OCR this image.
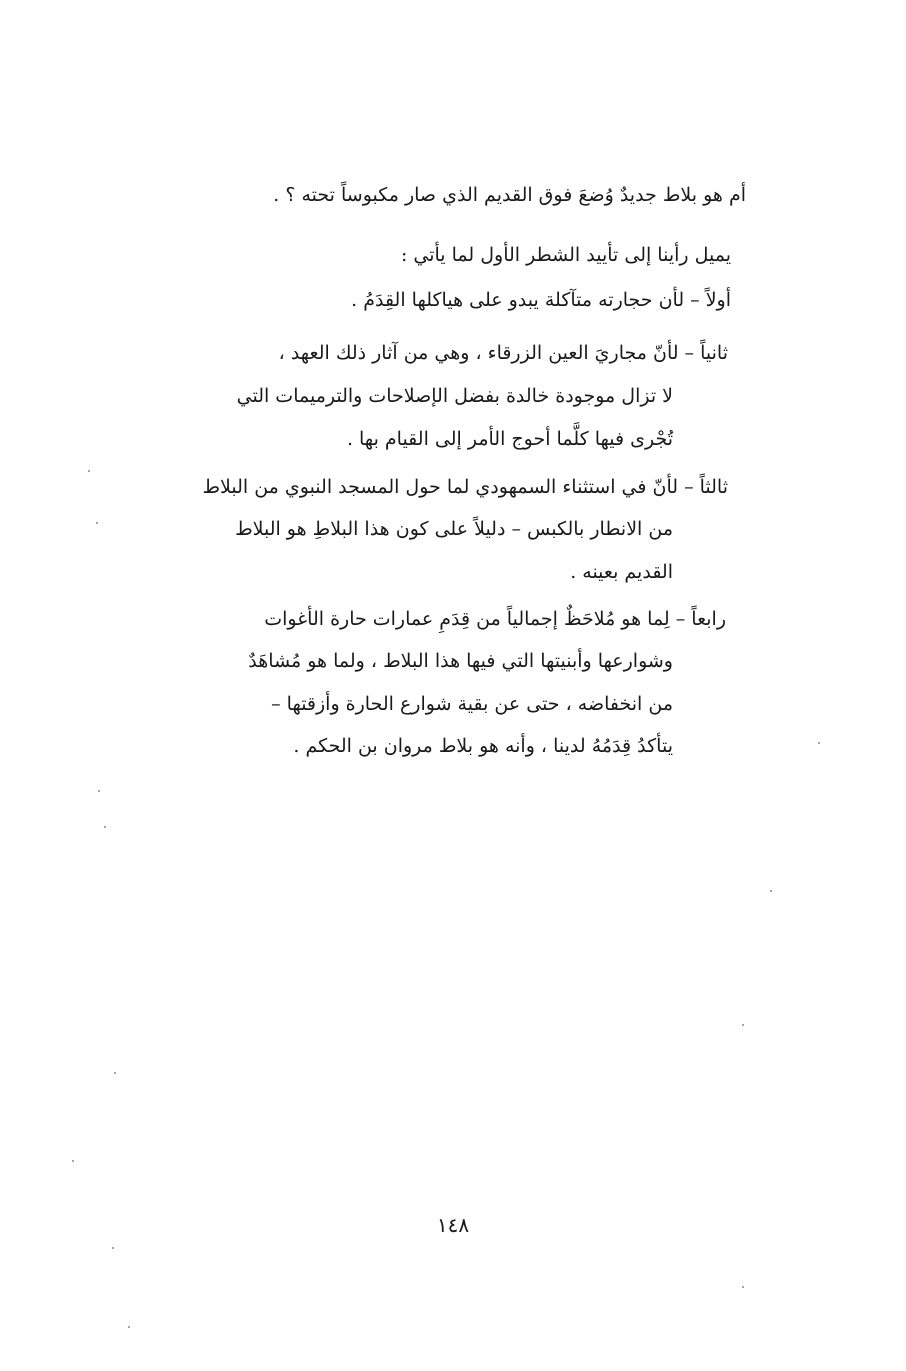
أم هو بلاط جديدٌ وُضعَ فوق القديم الذي صار مكبوساً تحته ؟ .
يميل رأينا إلى تأييد الشطر الأول لما يأتي :
أولاً – لأن حجارته متآكلة يبدو على هياكلها القِدَمُ .
ثانياً – لأنّ مجاريَ العين الزرقاء ، وهي من آثار ذلك العهد ،
لا تزال موجودة خالدة بفضل الإصلاحات والترميمات التي
تُجْرى فيها كلَّما أحوج الأمر إلى القيام بها .
ثالثاً – لأنّ في استثناء السمهودي لما حول المسجد النبوي من البلاط
من الانطار بالكبس – دليلاً على كون هذا البلاطِ هو البلاط
القديم بعينه .
رابعاً – لِما هو مُلاحَظٌ إجمالياً من قِدَمِ عمارات حارة الأغوات
وشوارعها وأبنيتها التي فيها هذا البلاط ، ولما هو مُشاهَدٌ
من انخفاضه ، حتى عن بقية شوارع الحارة وأزقتها –
يتأكدُ قِدَمُهُ لدينا ، وأنه هو بلاط مروان بن الحكم .
١٤٨
